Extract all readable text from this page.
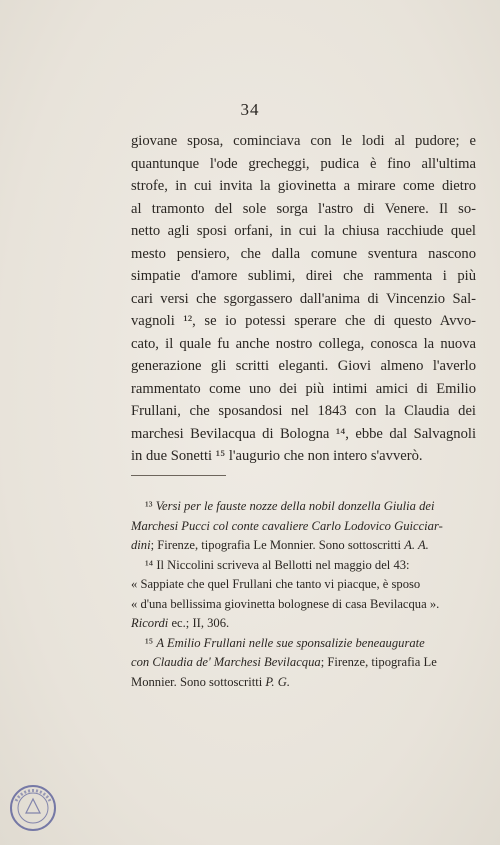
34
giovane sposa, cominciava con le lodi al pudore; e
quantunque l'ode grecheggi, pudica è fino all'ultima
strofe, in cui invita la giovinetta a mirare come dietro
al tramonto del sole sorga l'astro di Venere. Il so-
netto agli sposi orfani, in cui la chiusa racchiude quel
mesto pensiero, che dalla comune sventura nascono
simpatie d'amore sublimi, direi che rammenta i più
cari versi che sgorgassero dall'anima di Vincenzio Sal-
vagnoli ¹², se io potessi sperare che di questo Avvo-
cato, il quale fu anche nostro collega, conosca la nuova
generazione gli scritti eleganti. Giovi almeno l'averlo
rammentato come uno dei più intimi amici di Emilio
Frullani, che sposandosi nel 1843 con la Claudia dei
marchesi Bevilacqua di Bologna ¹⁴, ebbe dal Salvagnoli
in due Sonetti ¹⁵ l'augurio che non intero s'avverò.
¹³ Versi per le fauste nozze della nobil donzella Giulia dei
Marchesi Pucci col conte cavaliere Carlo Lodovico Guicciar-
dini; Firenze, tipografia Le Monnier. Sono sottoscritti A. A.
¹⁴ Il Niccolini scriveva al Bellotti nel maggio del 43:
« Sappiate che quel Frullani che tanto vi piacque, è sposo
« d'una bellissima giovinetta bolognese di casa Bevilacqua ».
Ricordi ec.; II, 306.
¹⁵ A Emilio Frullani nelle sue sponsalizie beneaugurate
con Claudia de' Marchesi Bevilacqua; Firenze, tipografia Le
Monnier. Sono sottoscritti P. G.
